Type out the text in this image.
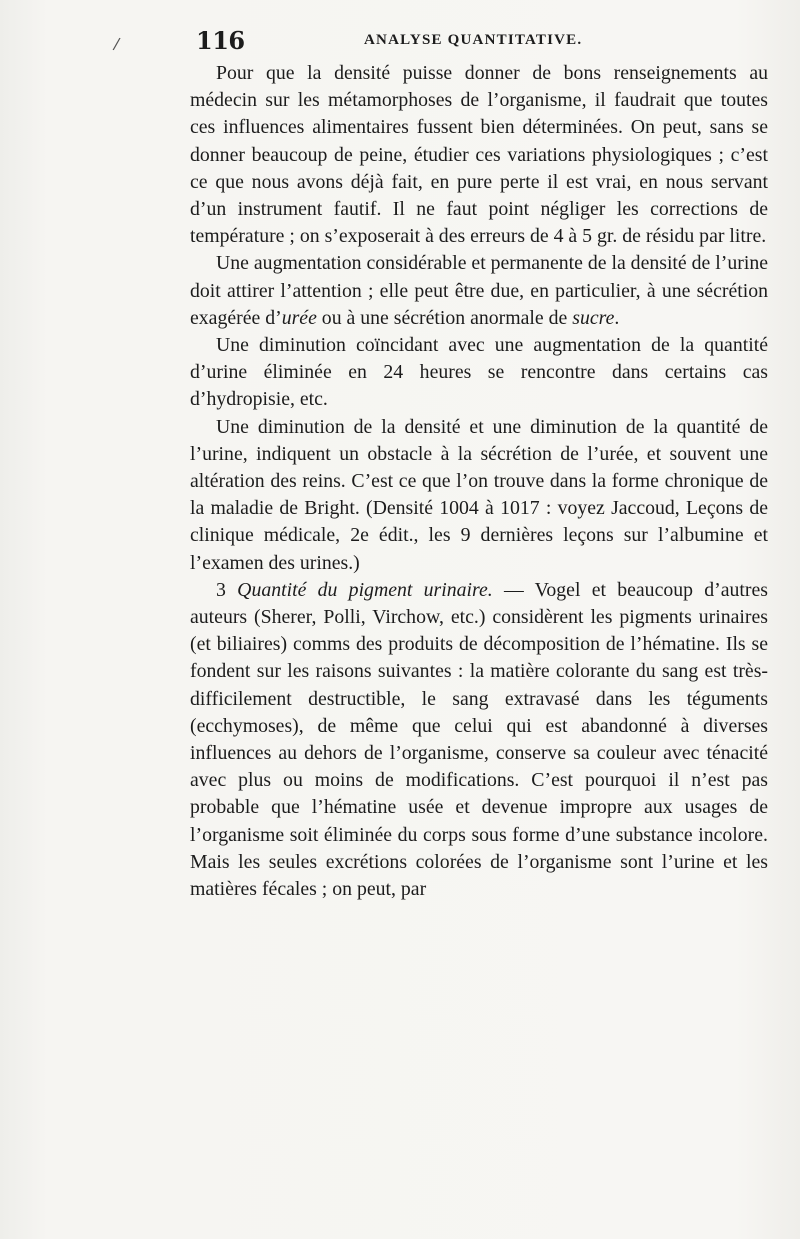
/	116	ANALYSE QUANTITATIVE.

Pour que la densité puisse donner de bons renseignements au médecin sur les métamorphoses de l’organisme, il faudrait que toutes ces influences alimentaires fussent bien déterminées. On peut, sans se donner beaucoup de peine, étudier ces variations physiologiques ; c’est ce que nous avons déjà fait, en pure perte il est vrai, en nous servant d’un instrument fautif. Il ne faut point négliger les corrections de température ; on s’exposerait à des erreurs de 4 à 5 gr. de résidu par litre.

Une augmentation considérable et permanente de la densité de l’urine doit attirer l’attention ; elle peut être due, en particulier, à une sécrétion exagérée d’urée ou à une sécrétion anormale de sucre.

Une diminution coïncidant avec une augmentation de la quantité d’urine éliminée en 24 heures se rencontre dans certains cas d’hydropisie, etc.

Une diminution de la densité et une diminution de la quantité de l’urine, indiquent un obstacle à la sécrétion de l’urée, et souvent une altération des reins. C’est ce que l’on trouve dans la forme chronique de la maladie de Bright. (Densité 1004 à 1017 : voyez Jaccoud, Leçons de clinique médicale, 2e édit., les 9 dernières leçons sur l’albumine et l’examen des urines.)

3 Quantité du pigment urinaire. — Vogel et beaucoup d’autres auteurs (Sherer, Polli, Virchow, etc.) considèrent les pigments urinaires (et biliaires) comms des produits de décomposition de l’hématine. Ils se fondent sur les raisons suivantes : la matière colorante du sang est très-difficilement destructible, le sang extravasé dans les téguments (ecchymoses), de même que celui qui est abandonné à diverses influences au dehors de l’organisme, conserve sa couleur avec ténacité avec plus ou moins de modifications. C’est pourquoi il n’est pas probable que l’hématine usée et devenue impropre aux usages de l’organisme soit éliminée du corps sous forme d’une substance incolore. Mais les seules excrétions colorées de l’organisme sont l’urine et les matières fécales ; on peut, par
